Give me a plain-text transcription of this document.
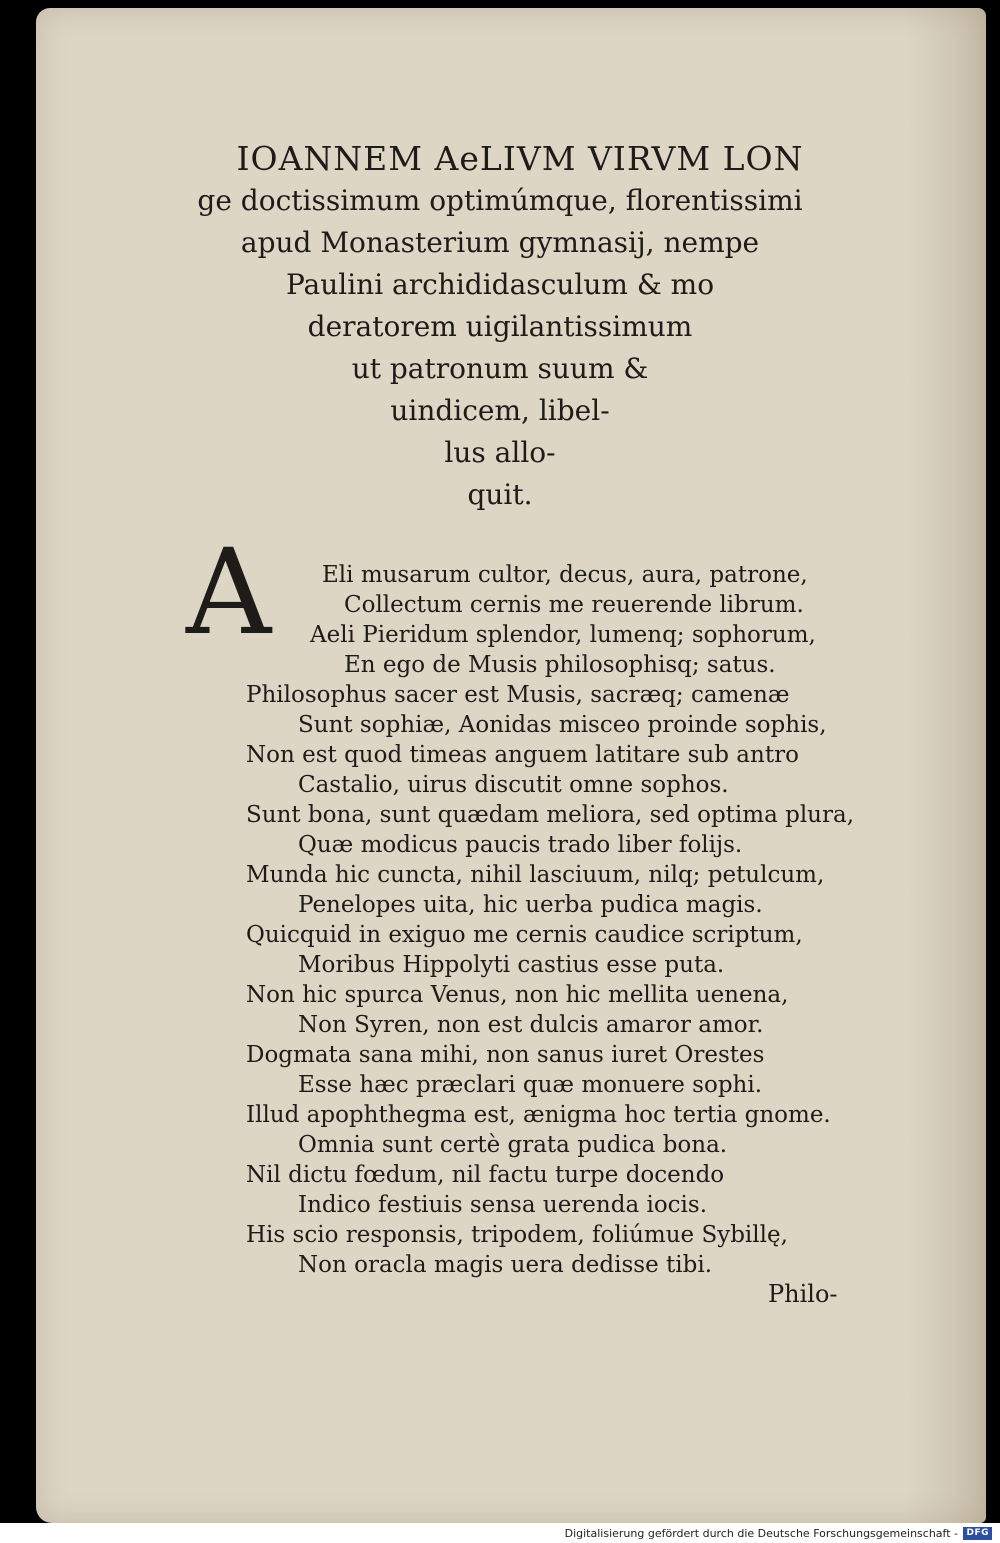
IOANNEM AeLIVM VIRVM LON
ge doctissimum optimúmque, florentissimi
apud Monasterium gymnasij, nempe
Paulini archididasculum & mo
deratorem uigilantissimum
ut patronum suum &
uindicem, libel-
lus allo-
quit.
A Eli musarum cultor, decus, aura, patrone,
Collectum cernis me reuerende librum.
Aeli Pieridum splendor, lumenq; sophorum,
En ego de Musis philosophisq; satus.
Philosophus sacer est Musis, sacræq; camenæ
Sunt sophiæ, Aonidas misceo proinde sophis,
Non est quod timeas anguem latitare sub antro
Castalio, uirus discutit omne sophos.
Sunt bona, sunt quædam meliora, sed optima plura,
Quæ modicus paucis trado liber folijs.
Munda hic cuncta, nihil lasciuum, nilq; petulcum,
Penelopes uita, hic uerba pudica magis.
Quicquid in exiguo me cernis caudice scriptum,
Moribus Hippolyti castius esse puta.
Non hic spurca Venus, non hic mellita uenena,
Non Syren, non est dulcis amaror amor.
Dogmata sana mihi, non sanus iuret Orestes
Esse hæc præclari quæ monuere sophi.
Illud apophthegma est, ænigma hoc tertia gnome.
Omnia sunt certè grata pudica bona.
Nil dictu fœdum, nil factu turpe docendo
Indico festiuis sensa uerenda iocis.
His scio responsis, tripodem, foliúmue Sybillę,
Non oracla magis uera dedisse tibi.
Philo-
Digitalisierung gefördert durch die Deutsche Forschungsgemeinschaft - DFG
